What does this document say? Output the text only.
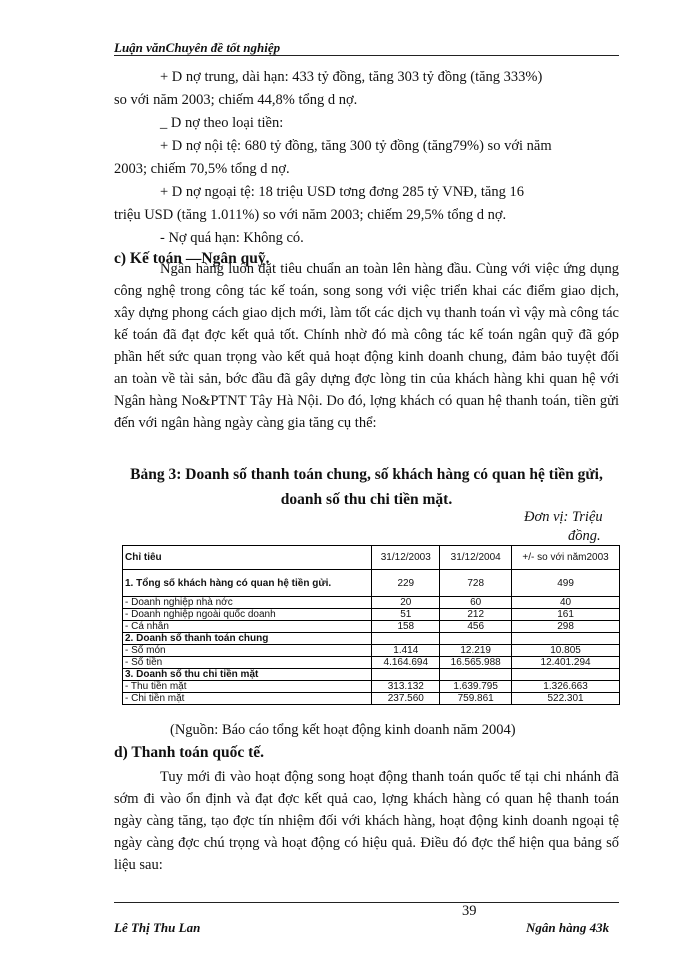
Luận vănChuyên đề tốt nghiệp
+ D nợ trung, dài hạn: 433 tỷ đồng, tăng 303 tỷ đồng (tăng 333%)
so với năm 2003; chiếm 44,8% tổng d nợ.
_ D nợ theo loại tiền:
+ D nợ nội tệ: 680 tỷ đồng, tăng 300 tỷ đồng (tăng79%) so với năm
2003; chiếm 70,5% tổng d nợ.
+ D nợ ngoại tệ: 18 triệu USD tơng đơng 285 tỷ VNĐ, tăng 16
triệu USD (tăng 1.011%) so với năm 2003; chiếm 29,5% tổng d nợ.
- Nợ quá hạn: Không có.
c) Kế toán —Ngân quỹ.
Ngân hàng luôn đặt tiêu chuẩn an toàn lên hàng đầu. Cùng với việc ứng dụng công nghệ trong công tác kế toán, song song với việc triển khai các điểm giao dịch, xây dựng phong cách giao dịch mới, làm tốt các dịch vụ thanh toán vì vậy mà công tác kế toán đã đạt đợc kết quả tốt. Chính nhờ đó mà công tác kế toán ngân quỹ đã góp phần hết sức quan trọng vào kết quả hoạt động kinh doanh chung, đảm bảo tuyệt đối an toàn về tài sản, bớc đầu đã gây dựng đợc lòng tin của khách hàng khi quan hệ với Ngân hàng No&PTNT Tây Hà Nội. Do đó, lợng khách có quan hệ thanh toán, tiền gửi đến với ngân hàng ngày càng gia tăng cụ thể:
Bảng 3: Doanh số thanh toán chung, số khách hàng có quan hệ tiền gửi, doanh số thu chi tiền mặt.
Đơn vị: Triệu
đồng.
Chỉ tiêu	31/12/2003	31/12/2004	+/- so với năm2003
1. Tổng số khách hàng có quan hệ tiền gửi.	229	728	499
- Doanh nghiệp nhà nớc	20	60	40
- Doanh nghiệp ngoài quốc doanh	51	212	161
- Cá nhân	158	456	298
2. Doanh số thanh toán chung			
- Số món	1.414	12.219	10.805
- Số tiền	4.164.694	16.565.988	12.401.294
3. Doanh số thu chi tiền mặt			
- Thu tiền mặt	313.132	1.639.795	1.326.663
- Chi tiền mặt	237.560	759.861	522.301
(Nguồn: Báo cáo tổng kết hoạt động kinh doanh năm 2004)
d) Thanh toán quốc tế.
Tuy mới đi vào hoạt động song hoạt động thanh toán quốc tế tại chi nhánh đã sớm đi vào ổn định và đạt đợc kết quả cao, lợng khách hàng có quan hệ thanh toán ngày càng tăng, tạo đợc tín nhiệm đối với khách hàng, hoạt động kinh doanh ngoại tệ ngày càng đợc chú trọng và hoạt động có hiệu quả. Điều đó đợc thể hiện qua bảng số liệu sau:
39
Lê Thị Thu Lan	Ngân hàng 43k
